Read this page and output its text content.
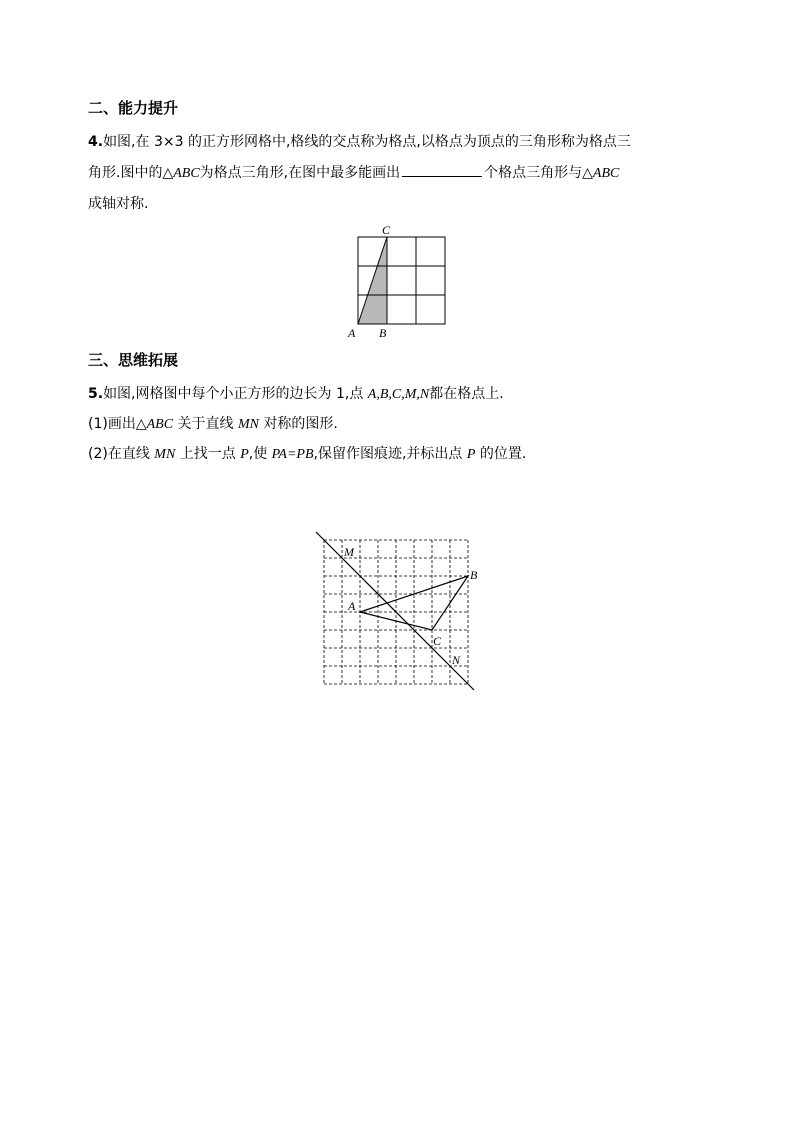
二、能力提升
4.如图,在 3×3 的正方形网格中,格线的交点称为格点,以格点为顶点的三角形称为格点三
角形.图中的△ABC为格点三角形,在图中最多能画出	个格点三角形与△ABC
成轴对称.
C
A B
三、思维拓展
5.如图,网格图中每个小正方形的边长为 1,点 A,B,C,M,N都在格点上.
(1)画出△ABC 关于直线 MN 对称的图形.
(2)在直线 MN 上找一点 P,使 PA=PB,保留作图痕迹,并标出点 P 的位置.
M
N
A
B
C
